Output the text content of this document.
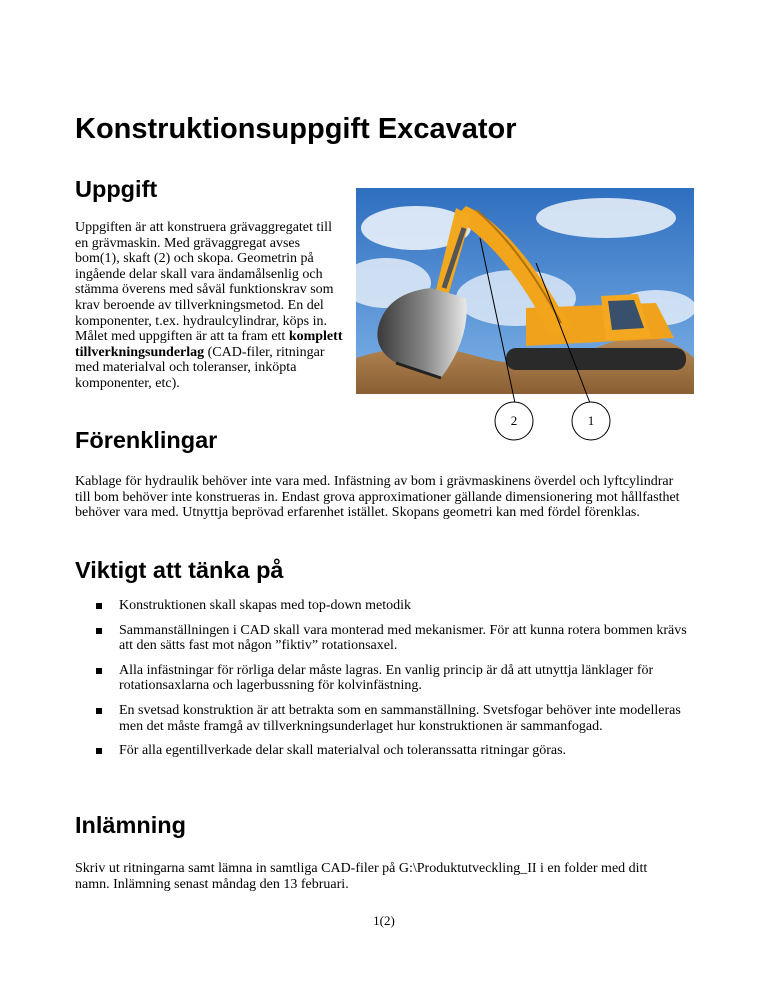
Konstruktionsuppgift Excavator
Uppgift

Uppgiften är att konstruera grävaggregatet till en grävmaskin. Med grävaggregat avses bom(1), skaft (2) och skopa. Geometrin på ingående delar skall vara ändamålsenlig och stämma överens med såväl funktionskrav som krav beroende av tillverkningsmetod. En del komponenter, t.ex. hydraulcylindrar, köps in. Målet med uppgiften är att ta fram ett komplett tillverkningsunderlag (CAD-filer, ritningar med materialval och toleranser, inköpta komponenter, etc).

2	1
Förenklingar

Kablage för hydraulik behöver inte vara med. Infästning av bom i grävmaskinens överdel och lyftcylindrar till bom behöver inte konstrueras in. Endast grova approximationer gällande dimensionering mot hållfasthet behöver vara med. Utnyttja beprövad erfarenhet istället. Skopans geometri kan med fördel förenklas.

Viktigt att tänka på
Konstruktionen skall skapas med top-down metodik
Sammanställningen i CAD skall vara monterad med mekanismer. För att kunna rotera bommen krävs att den sätts fast mot någon ”fiktiv” rotationsaxel.
Alla infästningar för rörliga delar måste lagras. En vanlig princip är då att utnyttja länklager för rotationsaxlarna och lagerbussning för kolvinfästning.
En svetsad konstruktion är att betrakta som en sammanställning. Svetsfogar behöver inte modelleras men det måste framgå av tillverkningsunderlaget hur konstruktionen är sammanfogad.
För alla egentillverkade delar skall materialval och toleranssatta ritningar göras.
Inlämning

Skriv ut ritningarna samt lämna in samtliga CAD-filer på G:\Produktutveckling_II i en folder med ditt namn. Inlämning senast måndag den 13 februari.

1(2)
